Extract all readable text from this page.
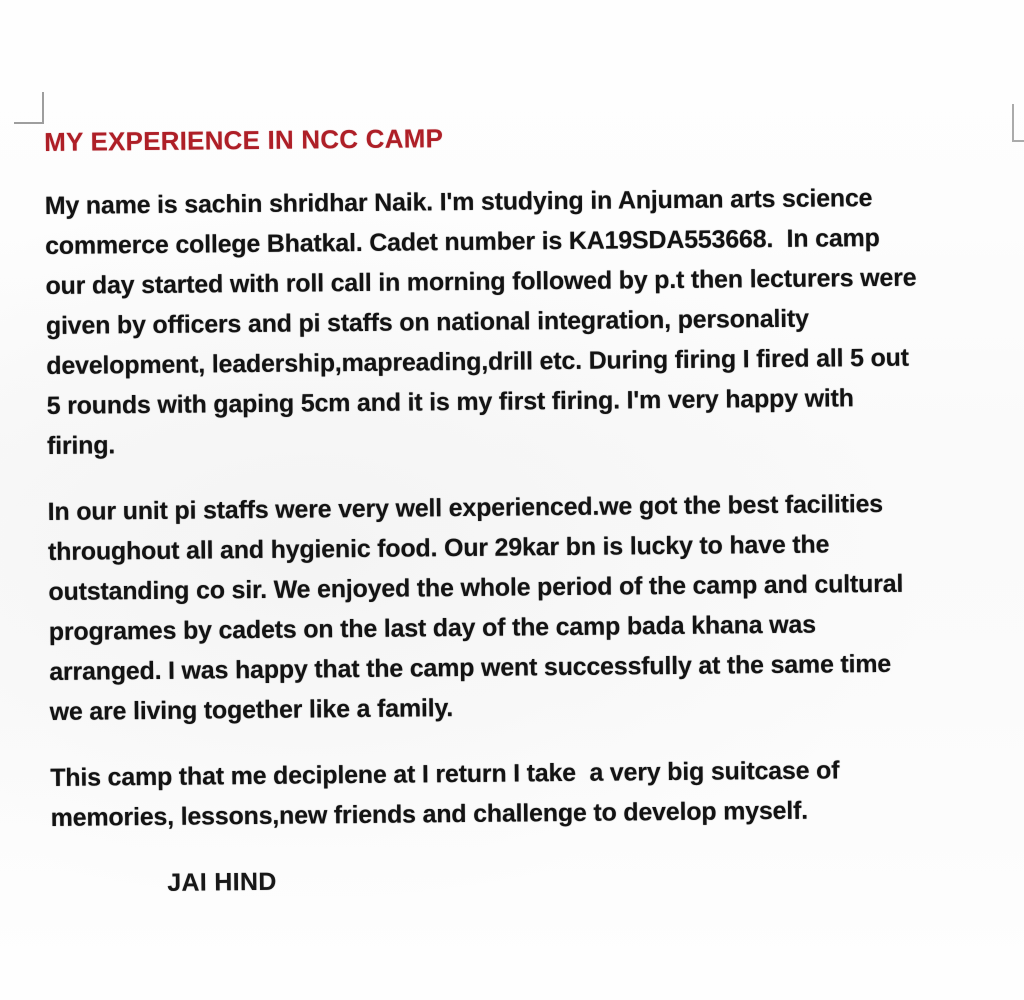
MY EXPERIENCE IN NCC CAMP

My name is sachin shridhar Naik. I'm studying in Anjuman arts science
commerce college Bhatkal. Cadet number is KA19SDA553668.  In camp
our day started with roll call in morning followed by p.t then lecturers were
given by officers and pi staffs on national integration, personality
development, leadership,mapreading,drill etc. During firing I fired all 5 out
5 rounds with gaping 5cm and it is my first firing. I'm very happy with
firing.

In our unit pi staffs were very well experienced.we got the best facilities
throughout all and hygienic food. Our 29kar bn is lucky to have the
outstanding co sir. We enjoyed the whole period of the camp and cultural
programes by cadets on the last day of the camp bada khana was
arranged. I was happy that the camp went successfully at the same time
we are living together like a family.

This camp that me deciplene at I return I take  a very big suitcase of
memories, lessons,new friends and challenge to develop myself.

JAI HIND
